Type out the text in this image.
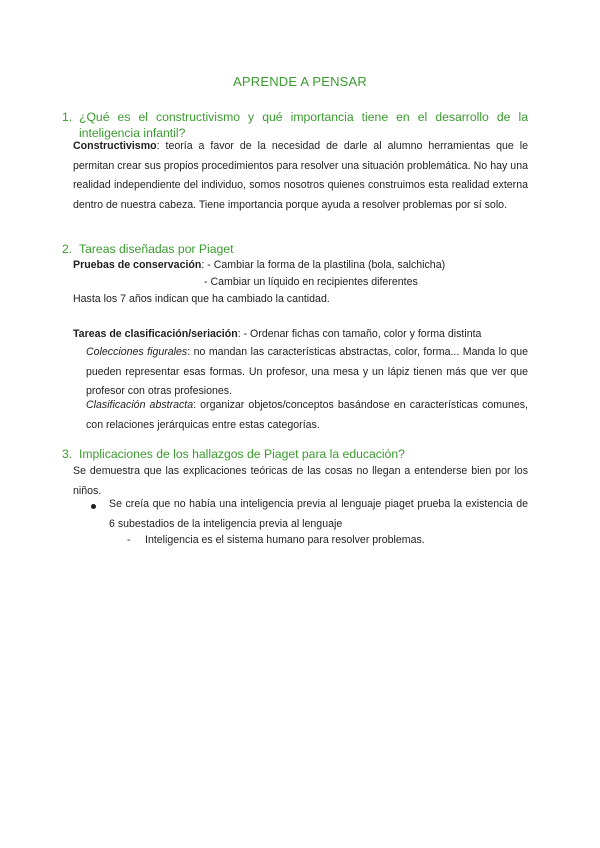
APRENDE A PENSAR
1. ¿Qué es el constructivismo y qué importancia tiene en el desarrollo de la inteligencia infantil?
Constructivismo: teoría a favor de la necesidad de darle al alumno herramientas que le permitan crear sus propios procedimientos para resolver una situación problemática. No hay una realidad independiente del individuo, somos nosotros quienes construimos esta realidad externa dentro de nuestra cabeza. Tiene importancia porque ayuda a resolver problemas por sí solo.
2. Tareas diseñadas por Piaget
Pruebas de conservación: - Cambiar la forma de la plastilina (bola, salchicha)
- Cambiar un líquido en recipientes diferentes
Hasta los 7 años indican que ha cambiado la cantidad.
Tareas de clasificación/seriación: - Ordenar fichas con tamaño, color y forma distinta
Colecciones figurales: no mandan las características abstractas, color, forma... Manda lo que pueden representar esas formas. Un profesor, una mesa y un lápiz tienen más que ver que profesor con otras profesiones.
Clasificación abstracta: organizar objetos/conceptos basándose en características comunes, con relaciones jerárquicas entre estas categorías.
3. Implicaciones de los hallazgos de Piaget para la educación?
Se demuestra que las explicaciones teóricas de las cosas no llegan a entenderse bien por los niños.
Se creía que no había una inteligencia previa al lenguaje piaget prueba la existencia de 6 subestadios de la inteligencia previa al lenguaje
- Inteligencia es el sistema humano para resolver problemas.
